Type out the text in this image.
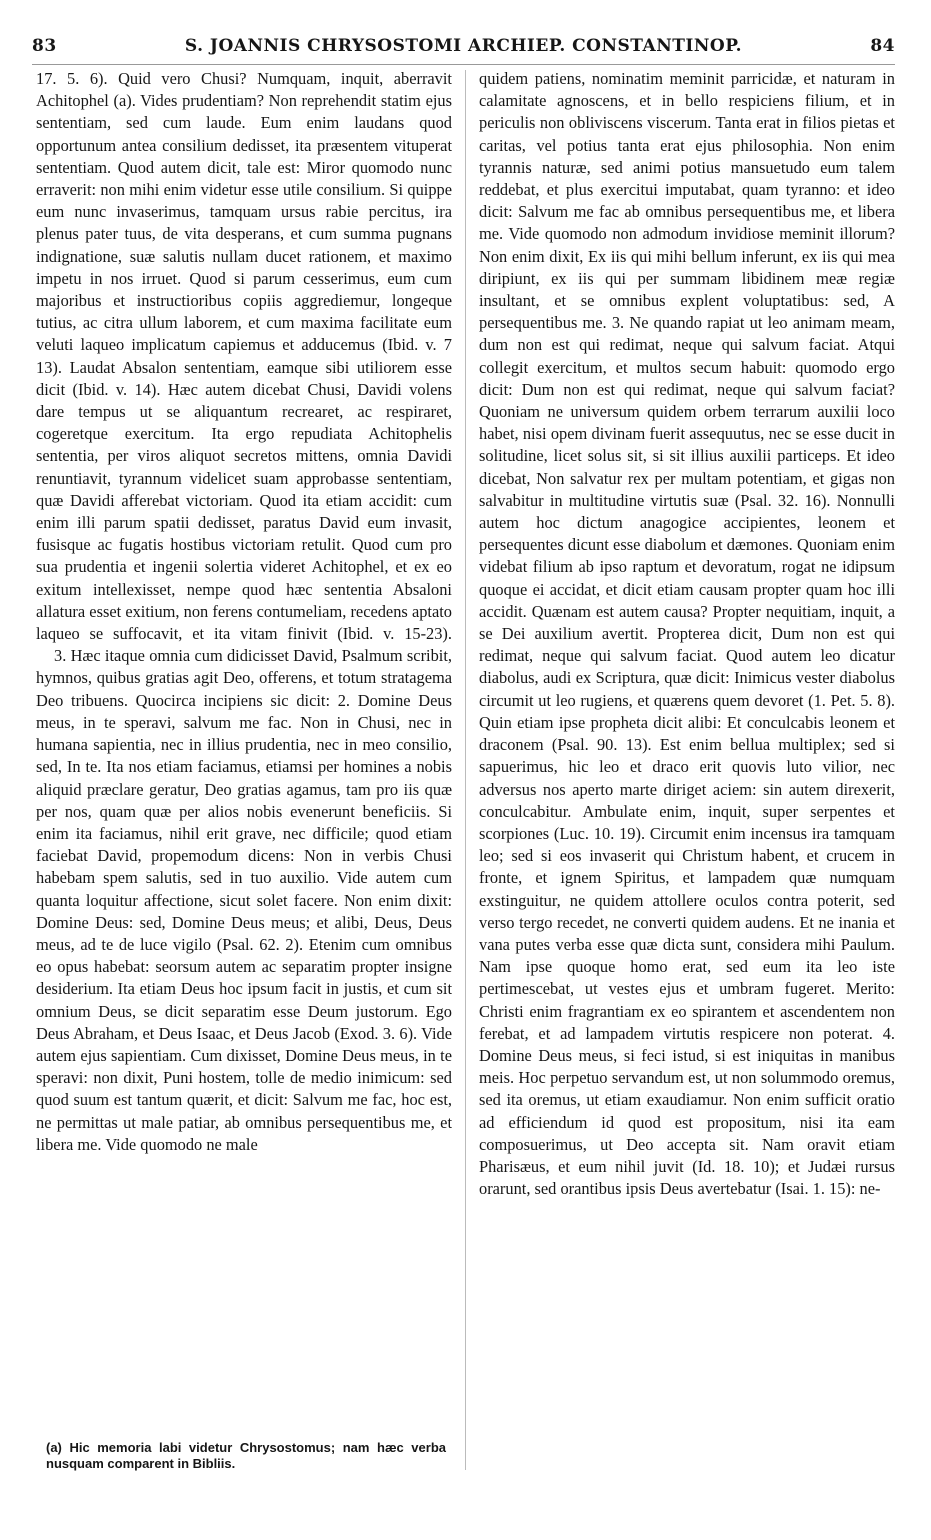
83	S. JOANNIS CHRYSOSTOMI ARCHIEP. CONSTANTINOP.	84

17. 5. 6). Quid vero Chusi? Numquam, inquit, aberravit Achitophel (a). Vides prudentiam? Non reprehendit statim ejus sententiam, sed cum laude. Eum enim laudans quod opportunum antea consilium dedisset, ita præsentem vituperat sententiam. Quod autem dicit, tale est: Miror quomodo nunc erraverit: non mihi enim videtur esse utile consilium. Si quippe eum nunc invaserimus, tamquam ursus rabie percitus, ira plenus pater tuus, de vita desperans, et cum summa pugnans indignatione, suæ salutis nullam ducet rationem, et maximo impetu in nos irruet. Quod si parum cesserimus, eum cum majoribus et instructioribus copiis aggrediemur, longeque tutius, ac citra ullum laborem, et cum maxima facilitate eum veluti laqueo implicatum capiemus et adducemus (Ibid. v. 7 13). Laudat Absalon sententiam, eamque sibi utiliorem esse dicit (Ibid. v. 14). Hæc autem dicebat Chusi, Davidi volens dare tempus ut se aliquantum recrearet, ac respiraret, cogeretque exercitum. Ita ergo repudiata Achitophelis sententia, per viros aliquot secretos mittens, omnia Davidi renuntiavit, tyrannum videlicet suam approbasse sententiam, quæ Davidi afferebat victoriam. Quod ita etiam accidit: cum enim illi parum spatii dedisset, paratus David eum invasit, fusisque ac fugatis hostibus victoriam retulit. Quod cum pro sua prudentia et ingenii solertia videret Achitophel, et ex eo exitum intellexisset, nempe quod hæc sententia Absaloni allatura esset exitium, non ferens contumeliam, recedens aptato laqueo se suffocavit, et ita vitam finivit (Ibid. v. 15-23).

3. Hæc itaque omnia cum didicisset David, Psalmum scribit, hymnos, quibus gratias agit Deo, offerens, et totum stratagema Deo tribuens. Quocirca incipiens sic dicit: 2. Domine Deus meus, in te speravi, salvum me fac. Non in Chusi, nec in humana sapientia, nec in illius prudentia, nec in meo consilio, sed, In te. Ita nos etiam faciamus, etiamsi per homines a nobis aliquid præclare geratur, Deo gratias agamus, tam pro iis quæ per nos, quam quæ per alios nobis evenerunt beneficiis. Si enim ita faciamus, nihil erit grave, nec difficile; quod etiam faciebat David, propemodum dicens: Non in verbis Chusi habebam spem salutis, sed in tuo auxilio. Vide autem cum quanta loquitur affectione, sicut solet facere. Non enim dixit: Domine Deus: sed, Domine Deus meus; et alibi, Deus, Deus meus, ad te de luce vigilo (Psal. 62. 2). Etenim cum omnibus eo opus habebat: seorsum autem ac separatim propter insigne desiderium. Ita etiam Deus hoc ipsum facit in justis, et cum sit omnium Deus, se dicit separatim esse Deum justorum. Ego Deus Abraham, et Deus Isaac, et Deus Jacob (Exod. 3. 6). Vide autem ejus sapientiam. Cum dixisset, Domine Deus meus, in te speravi: non dixit, Puni hostem, tolle de medio inimicum: sed quod suum est tantum quærit, et dicit: Salvum me fac, hoc est, ne permittas ut male patiar, ab omnibus persequentibus me, et libera me. Vide quomodo ne male

quidem patiens, nominatim meminit parricidæ, et naturam in calamitate agnoscens, et in bello respiciens filium, et in periculis non obliviscens viscerum. Tanta erat in filios pietas et caritas, vel potius tanta erat ejus philosophia. Non enim tyrannis naturæ, sed animi potius mansuetudo eum talem reddebat, et plus exercitui imputabat, quam tyranno: et ideo dicit: Salvum me fac ab omnibus persequentibus me, et libera me. Vide quomodo non admodum invidiose meminit illorum? Non enim dixit, Ex iis qui mihi bellum inferunt, ex iis qui mea diripiunt, ex iis qui per summam libidinem meæ regiæ insultant, et se omnibus explent voluptatibus: sed, A persequentibus me. 3. Ne quando rapiat ut leo animam meam, dum non est qui redimat, neque qui salvum faciat. Atqui collegit exercitum, et multos secum habuit: quomodo ergo dicit: Dum non est qui redimat, neque qui salvum faciat? Quoniam ne universum quidem orbem terrarum auxilii loco habet, nisi opem divinam fuerit assequutus, nec se esse ducit in solitudine, licet solus sit, si sit illius auxilii particeps. Et ideo dicebat, Non salvatur rex per multam potentiam, et gigas non salvabitur in multitudine virtutis suæ (Psal. 32. 16). Nonnulli autem hoc dictum anagogice accipientes, leonem et persequentes dicunt esse diabolum et dæmones. Quoniam enim videbat filium ab ipso raptum et devoratum, rogat ne idipsum quoque ei accidat, et dicit etiam causam propter quam hoc illi accidit. Quænam est autem causa? Propter nequitiam, inquit, a se Dei auxilium avertit. Propterea dicit, Dum non est qui redimat, neque qui salvum faciat. Quod autem leo dicatur diabolus, audi ex Scriptura, quæ dicit: Inimicus vester diabolus circumit ut leo rugiens, et quærens quem devoret (1. Pet. 5. 8). Quin etiam ipse propheta dicit alibi: Et conculcabis leonem et draconem (Psal. 90. 13). Est enim bellua multiplex; sed si sapuerimus, hic leo et draco erit quovis luto vilior, nec adversus nos aperto marte diriget aciem: sin autem direxerit, conculcabitur. Ambulate enim, inquit, super serpentes et scorpiones (Luc. 10. 19). Circumit enim incensus ira tamquam leo; sed si eos invaserit qui Christum habent, et crucem in fronte, et ignem Spiritus, et lampadem quæ numquam exstinguitur, ne quidem attollere oculos contra poterit, sed verso tergo recedet, ne converti quidem audens. Et ne inania et vana putes verba esse quæ dicta sunt, considera mihi Paulum. Nam ipse quoque homo erat, sed eum ita leo iste pertimescebat, ut vestes ejus et umbram fugeret. Merito: Christi enim fragrantiam ex eo spirantem et ascendentem non ferebat, et ad lampadem virtutis respicere non poterat. 4. Domine Deus meus, si feci istud, si est iniquitas in manibus meis. Hoc perpetuo servandum est, ut non solummodo oremus, sed ita oremus, ut etiam exaudiamur. Non enim sufficit oratio ad efficiendum id quod est propositum, nisi ita eam composuerimus, ut Deo accepta sit. Nam oravit etiam Pharisæus, et eum nihil juvit (Id. 18. 10); et Judæi rursus orarunt, sed orantibus ipsis Deus avertebatur (Isai. 1. 15): ne-

(a) Hic memoria labi videtur Chrysostomus; nam hæc verba nusquam comparent in Bibliis.
